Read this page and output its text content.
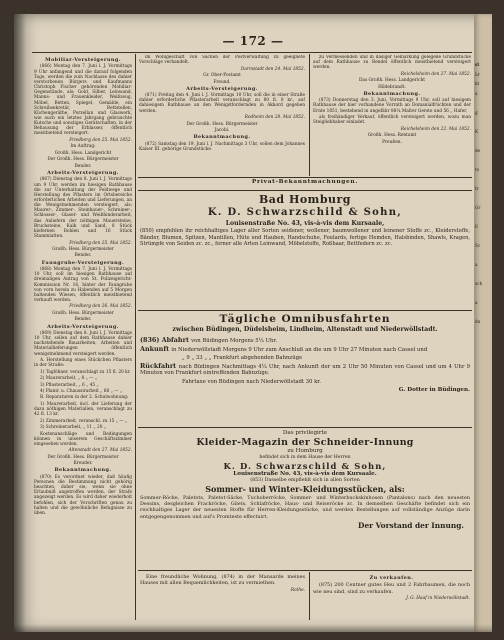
— 172 —
Mobiliar-Versteigerung.

(866) Montag den 7. Juni l. J. Vormittags 9 Uhr anfangend und die darauf folgenden Tage, werden die zum Nachlasse des dahier verstorbenen Bürgers und Kaufmanns Christoph Fischer gehörenden Mobiliar-Gegenstände, als: Gold, Silber, Leinwand, Manns- und Frauenkleider, Weißzeug, Möbel, Betten, Spiegel, Gemälde, ein Schreibsekretär, Bettstellen, Küchengeräthe, Porzellan und Glaswerk, wie auch ein letztes Jahrgang gebrauchte Kutsche und sonstiges Gerätschaften, in der Behausung der Erblasser, öffentlich meistbietend versteigert.

Friedberg den 25. Mai 1852.

Im Auftrag:

Großh. Hess. Landgericht

Der Großh. Hess. Bürgermeister

Bender.

Arbeits-Versteigerung.

(867) Dienstag den 8. Juni l. J. Vormittags um 9 Uhr, werden im hiesigen Rathhause die zur Unterhaltung der Feldwege und Herstellung des Pflasters im Ortsbereiche erforderlichen Arbeiten und Lieferungen, an die Wenigstnehmenden versteigert, als: Maurer-, Zimmer-, Steinhauer-, Schreiner-, Schlosser-, Glaser- und Weißbinderarbeit, das Anliefern der nöthigen Mauersteine, Bruchsteine, Kalk und Sand, 8 Stück kiefernen Bohlen und 16 Stück Stammlatten.

Friedberg den 25. Mai 1852.

Großh. Hess. Bürgermeister

Bender.

Faungrube-Versteigerung.

(868) Montag den 7. Juni l. J. Vormittags 10 Uhr, soll im hiesigen Rathhause auf dreimaligen Antrag von St. Polizeigericht-Kommission Nr. 16, hinter der Faungrube von vorn herein zu Habenden auf 5 Morgen haltenden Wiesen, öffentlich meistbietend verkauft werden.

Friedberg den 26. Mai 1852.

Großh. Hess. Bürgermeister

Bender.

Arbeits-Versteigerung.

(869) Dienstag den 8. Juni l. J. Vormittags 10 Uhr, sollen auf dem Rathhause dahier nachstehende Bauarbeiten, Arbeiten und Materiallieferungen öffentlich wenigstnehmend versteigert werden.

A. Herstellung eines Stückchen Pflasters in der Straße:

1) Taglöhner, veranschlagt zu 15 fl. 20 kr.

2) Maurerarbeit, „ 8 „ — „

3) Pflasterarbeit, „ 6 „ 45 „

4) Planir. u. Chaussirarbeit „ 68 „ — „

B. Reparaturen in der 2. Schulwohnung:

1) Maurerarbeit, incl. der Lieferung der dazu nöthigen Materialien, veranschlagt zu 42 fl. 13 kr.

2) Zimmerarbeit, veranschl. zu 15 „ — „

3) Schreinerarbeit, „ 11 „ 20 „

Kostenanschläge und Bedingungen können in unserem Geschäftszimmer eingesehen werden.

Altenstadt den 27. Mai 1852.

Der Großh. Hess. Bürgermeister

Kreuder.

Bekanntmachung.

(870) Es verordnet wieder, daß häufig Personen die Bestimmung nicht gehörig beachten, daher sie, wenn sie ohne Erlaubniß angetroffen werden, der Strafe angezeigt werden. Es wird daher wiederholt befohlen, sich der Vorschriften genau zu halten und die gewöhnliche Befugnisse zu üben.

im Wohlgeschäft von Sachen der Postverwaltung zu geeignete Vorschläge verhandelt.

Darmstadt den 24. Mai 1852.

Gr. Ober-Postamt

Freund.

Arbeits-Versteigerung.

(871) Freitag den 4. Juni l. J. Vormittags 10 Uhr, soll die in einer Straße dahier erforderliche Pflasterarbeit veranschlagt zu 80 fl. 8 kr., auf dahiesigem Rathhause an den Wenigstfordernden in Akkord gegeben werden.

Rodheim den 28. Mai 1852.

Der Großh. Hess. Bürgermeister

Jacobi.

Bekanntmachung.

(872) Samstag den 19. Juni l. J. Nachmittags 3 Uhr, sollen dem Johannes Kaiser III. gehörige Grundstücke.

zu Vermessenden und in dasiger Gemarkung gelegene Grundstücke auf dem Rathhause zu Rendel öffentlich meistbietend versteigert werden.

Reichelsheim den 27. Mai 1852.

Das Großh. Hess. Landgericht

Hildebrandt.

Bekanntmachung.

(873) Donnerstag den 3. Juni, Vormittags 9 Uhr, soll auf hiesigem Rathhause der hier vorhandene Vorrath an Domanialfrüchten und der Ernte 1851, bestehend in ungefähr 88¼ Malter Gerste und 56 „ Hafer,

als freihändiger Verkauf, öffentlich versteigert werden, wozu man Steigliebhaber einladet.

Reichelsheim den 22. Mai 1852.

Großh. Hess. Rentamt

Preußen.

Privat-Bekanntmachungen.
Bad Homburg
K. D. Schwarzschild & Sohn,
Louisenstraße No. 43, vis-à-vis dem Kursaale,

(850) empfehlen ihr reichhaltiges Lager aller Sorten seidener, wollener, baumwollener und leinener Stoffe zc., Kleiderstoffe, Bänder, Blumen, Spitzen, Mantillen, Hüte und Hauben, Handschuhe, Foulards, fertige Hemden, Halsbinden, Shawls, Kragen, Strümpfe von Seiden zc. zc., ferner alle Arten Leinwand, Möbelstoffe, Roßhaar, Bettfedern zc. zc.

Tägliche Omnibusfahrten
zwischen Büdingen, Düdelsheim, Lindheim, Altenstadt und Niederwöllstadt.
(836) Abfahrt von Büdingen Morgens 5¼ Uhr.
Ankunft in Niederwöllstadt Morgens 9 Uhr zum Anschluß an die um 9 Uhr 27 Minuten nach Cassel und
„ 9 „ 33 „ „ Frankfurt abgehenden Bahnzüge
Rückfahrt nach Büdingen Nachmittags 4¼ Uhr, nach Ankunft der um 2 Uhr 50 Minuten von Cassel und um 4 Uhr 9 Minuten von Frankfurt eintreffenden Bahnzüge.
Fahrtaxe von Büdingen nach Niederwöllstadt 30 kr.
G. Dotter in Büdingen.
Das privilegirte
Kleider-Magazin der Schneider-Innung
zu Homburg
befindet sich in dem Hause der Herren
K. D. Schwarzschild & Sohn,
Louisenstraße No. 43, vis-à-vis dem Kursaale.
(853) Dasselbe empfiehlt sich in allen Sorten
Sommer- und Winter-Kleidungsstücken, als:

Sommer-Röcke, Paletots, Paletot-Säcke, Tuchoberröcke, Sommer- und Winterbuckskinhosen (Pantalons) nach den neuesten Dessins, desgleichen Frackröcke, Gilets, Schlafröcke, Haus- und Reiseröcke zc. In demselben Geschäfte befindet sich ein reichhaltiges Lager der neuesten Stoffe für Herren-Kleidungsstücke, und werden Bestellungen auf vollständige Anzüge darin entgegengenommen und auf's Promteste effectuirt.

Der Vorstand der Innung.

Eine freundliche Wohnung, (874) in der Mansarde meines Hauses mit allen Bequemlichkeiten, ist zu vermiethen.

Rothe.

Zu verkaufen.

(875) 200 Centner gutes Heu und 2 Fahrbaumen, die noch wie neu sind, sind zu verkaufen.

J. G. Haaf in Niederwöllstadt.

st
ür
kt
a

g

K

de

to

tr

Gr

ll

Sc

a

sch

a

du
